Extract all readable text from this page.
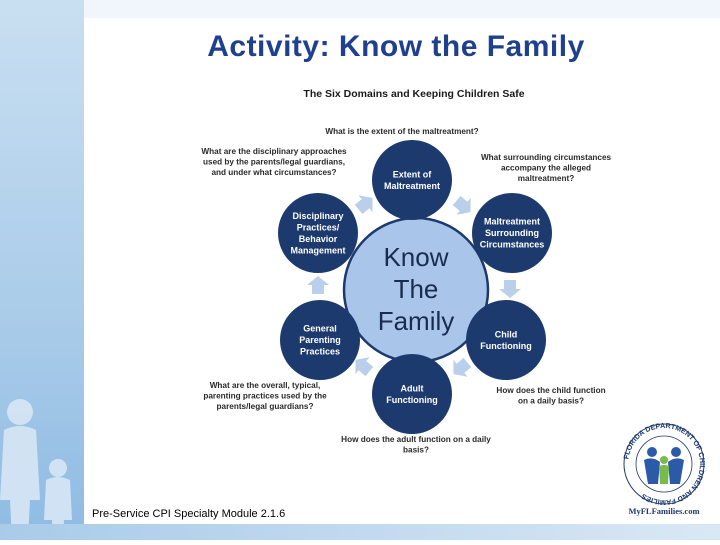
Activity: Know the Family
The Six Domains and Keeping Children Safe
Know
The
Family
Extent of
Maltreatment
Maltreatment
Surrounding
Circumstances
Child
Functioning
Adult
Functioning
General
Parenting
Practices
Disciplinary
Practices/
Behavior
Management
What is the extent of the maltreatment?
What surrounding circumstances
accompany the alleged
maltreatment?
How does the child function
on a daily basis?
How does the adult function on a daily
basis?
What are the overall, typical,
parenting practices used by the
parents/legal guardians?
What are the disciplinary approaches
used by the parents/legal guardians,
and under what circumstances?
FLORIDA DEPARTMENT OF CHILDREN AND FAMILIES
MyFLFamilies.com
Pre-Service CPI Specialty Module 2.1.6
